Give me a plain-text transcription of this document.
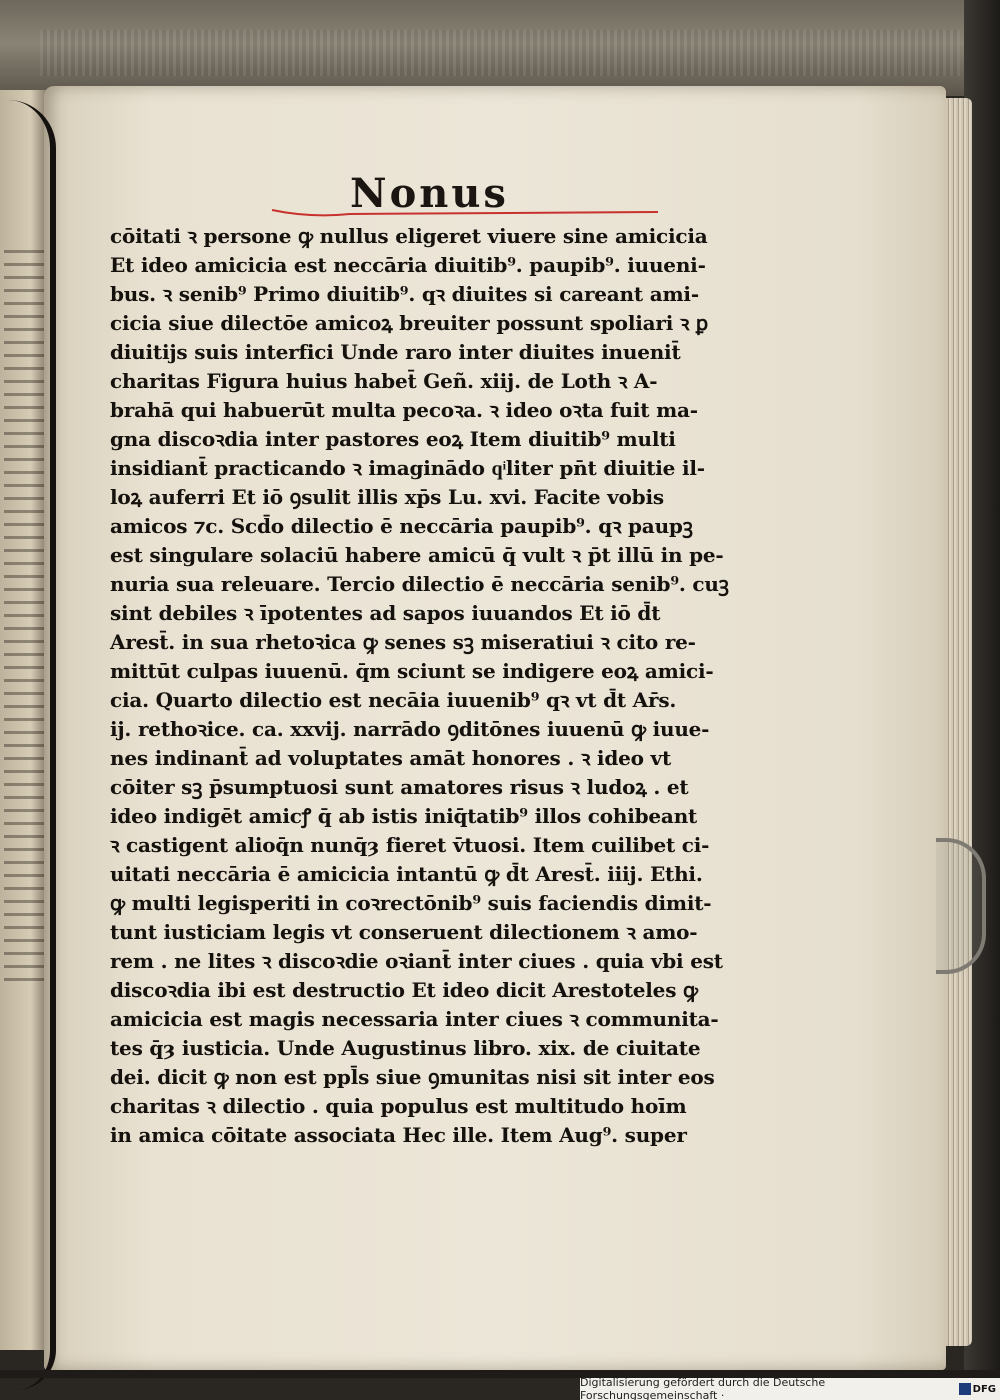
Nonus
cōitati ꝛ persone ꝙ nullus eligeret viuere sine amicicia
Et ideo amicicia est neccāria diuitib⁹. paupib⁹. iuueni-
bus. ꝛ senib⁹ Primo diuitib⁹. qꝛ diuites si careant ami-
cicia siue dilectōe amicoꝝ breuiter possunt spoliari ꝛ ꝑ
diuitijs suis interfici Unde raro inter diuites inuenit̄
charitas Figura huius habet̄ Geñ. xiij. de Loth ꝛ A-
brahā qui habuerūt multa pecoꝛa. ꝛ ideo oꝛta fuit ma-
gna discoꝛdia inter pastores eoꝝ Item diuitib⁹ multi
insidiant̄ practicando ꝛ imaginādo qͥliter pn̄t diuitie il-
loꝝ auferri Et iō ꝯsulit illis xp̄s Lu. xvi. Facite vobis
amicos ⁊c. Scd̄o dilectio ē neccāria paupib⁹. qꝛ paupꝫ
est singulare solaciū habere amicū q̄ vult ꝛ p̄t illū in pe-
nuria sua releuare. Tercio dilectio ē neccāria senib⁹. cuꝫ
sint debiles ꝛ īpotentes ad sapos iuuandos Et iō d̄t
Arest̄. in sua rhetoꝛica ꝙ senes sꝫ miseratiui ꝛ cito re-
mittūt culpas iuuenū. q̄m sciunt se indigere eoꝝ amici-
cia. Quarto dilectio est necāia iuuenib⁹ qꝛ vt d̄t Ar̄s.
ij. rethoꝛice. ca. xxvij. narrādo ꝯditōnes iuuenū ꝙ iuue-
nes indinant̄ ad voluptates amāt honores . ꝛ ideo vt
cōiter sꝫ p̄sumptuosi sunt amatores risus ꝛ ludoꝝ . et
ideo indigēt amicꝭ q̄ ab istis iniq̄tatib⁹ illos cohibeant
ꝛ castigent alioq̄n nunq̄ȝ fieret v̄tuosi. Item cuilibet ci-
uitati neccāria ē amicicia intantū ꝙ d̄t Arest̄. iiij. Ethi.
ꝙ multi legisperiti in coꝛrectōnib⁹ suis faciendis dimit-
tunt iusticiam legis vt conseruent dilectionem ꝛ amo-
rem . ne lites ꝛ discoꝛdie oꝛiant̄ inter ciues . quia vbi est
discoꝛdia ibi est destructio Et ideo dicit Arestoteles ꝙ
amicicia est magis necessaria inter ciues ꝛ communita-
tes q̄ȝ iusticia. Unde Augustinus libro. xix. de ciuitate
dei. dicit ꝙ non est ppl̄s siue ꝯmunitas nisi sit inter eos
charitas ꝛ dilectio . quia populus est multitudo hoīm
in amica cōitate associata Hec ille. Item Aug⁹. super
Digitalisierung gefördert durch die Deutsche Forschungsgemeinschaft ·	DFG
